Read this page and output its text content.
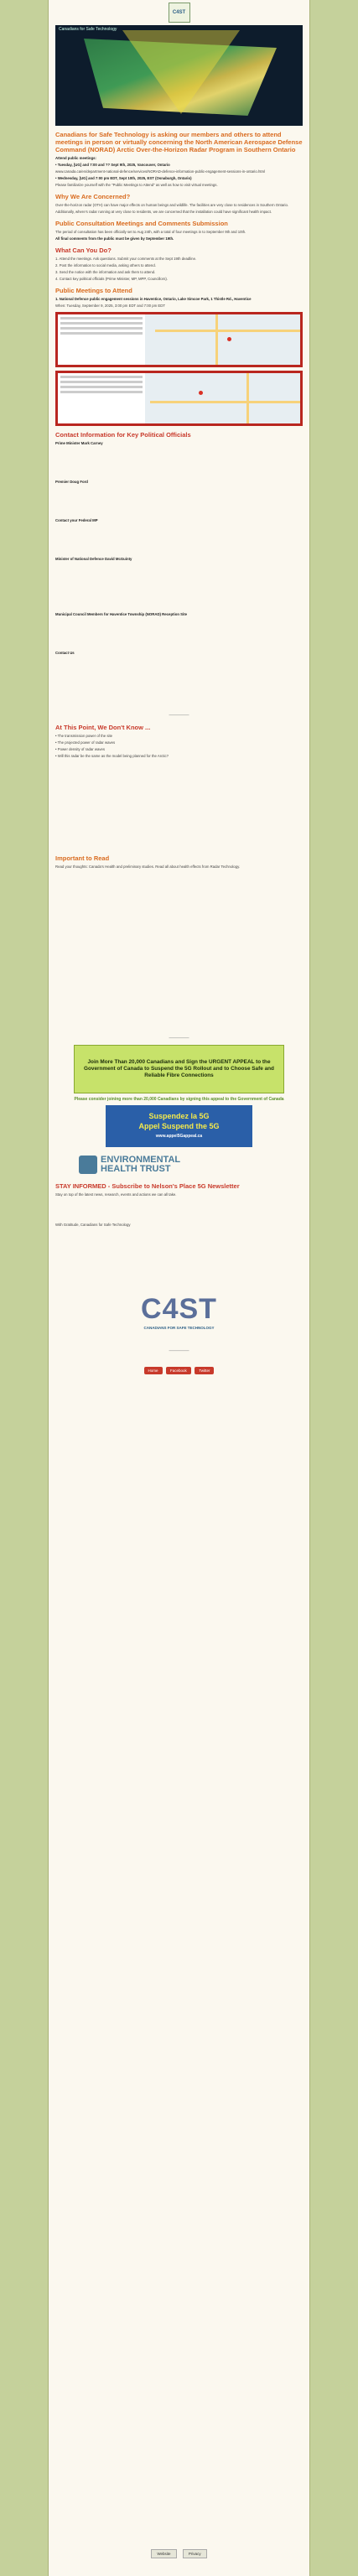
C4ST
Canadians for Safe Technology
Canadians for Safe Technology is asking our members and others to attend meetings in person or virtually concerning the North American Aerospace Defense Command (NORAD) Arctic Over-the-Horizon Radar Program in Southern Ontario

Attend public meetings:

• Tuesday, [UG] and 7:00 and ?? Sept 9th, 2025, Vancouver, Ontario

www.canada.ca/en/department-national-defence/services/NORAD-defence-information-public-engagement-sessions-in-ontario.html

• Wednesday, [UG] and 7:00 pm EDT, Sept 10th, 2025, EST (Osnaburgh, Ontario)

Please familiarize yourself with the "Public Meetings to Attend" as well as how to visit virtual meetings.

Why We Are Concerned?

Over-the-horizon radar (OTH) can have major effects on human beings and wildlife. The facilities are very close to residences in Southern Ontario.

Additionally, where's radar running at very close to residents, we are concerned that the installation could have significant health impact.

Public Consultation Meetings and Comments Submission

The period of consultation has been officially set to Aug 24th, with a total of four meetings in to September 9th and 10th.

All final comments from the public must be given by September 19th.

What Can You Do?

1. Attend the meetings. Ask questions. Submit your comments at the Sept 19th deadline.

2. Post the information to social media, asking others to attend.

3. Send the notice with the information and ask them to attend.

4. Contact key political officials (Prime Minister, MP, MPP, Councillors).

Public Meetings to Attend

1. National Defence public engagement sessions in Haventice, Ontario, Lake Simcoe Park, 1 Thistle Rd., Haventice

When: Tuesday, September 9, 2025, 3:00 pm EDT and 7:00 pm EDT

Contact Information for Key Political Officials

Prime Minister Mark Carney

Premier Doug Ford

Contact your Federal MP

Minister of National Defence David McGuinty

Municipal Council Members for Haventice Township (NORAD) Reception Site

Contact Us

———
At This Point, We Don't Know ...

• The transmission power of the site

• The projected power of radar waves

• Power density of radar waves

• Will this radar be the same as the model being planned for the Arctic?

Important to Read

Read your thoughts: Canada's Health and preliminary studies. Read all about health effects from Radar Technology.

———
Join More Than 20,000 Canadians and Sign the URGENT APPEAL to the Government of Canada to Suspend the 5G Rollout and to Choose Safe and Reliable Fibre Connections

Please consider joining more than 20,000 Canadians by signing this appeal to the Government of Canada

Suspendez la 5G
Appel Suspend the 5G
www.appel5Gappeal.ca
ENVIRONMENTAL
HEALTH TRUST
STAY INFORMED - Subscribe to Nelson's Place 5G Newsletter

Stay on top of the latest news, research, events and actions we can all take.

With Gratitude, Canadians for Safe Technology

C4ST
CANADIANS FOR SAFE TECHNOLOGY
———
Home	Facebook	Twitter
Website	Privacy
